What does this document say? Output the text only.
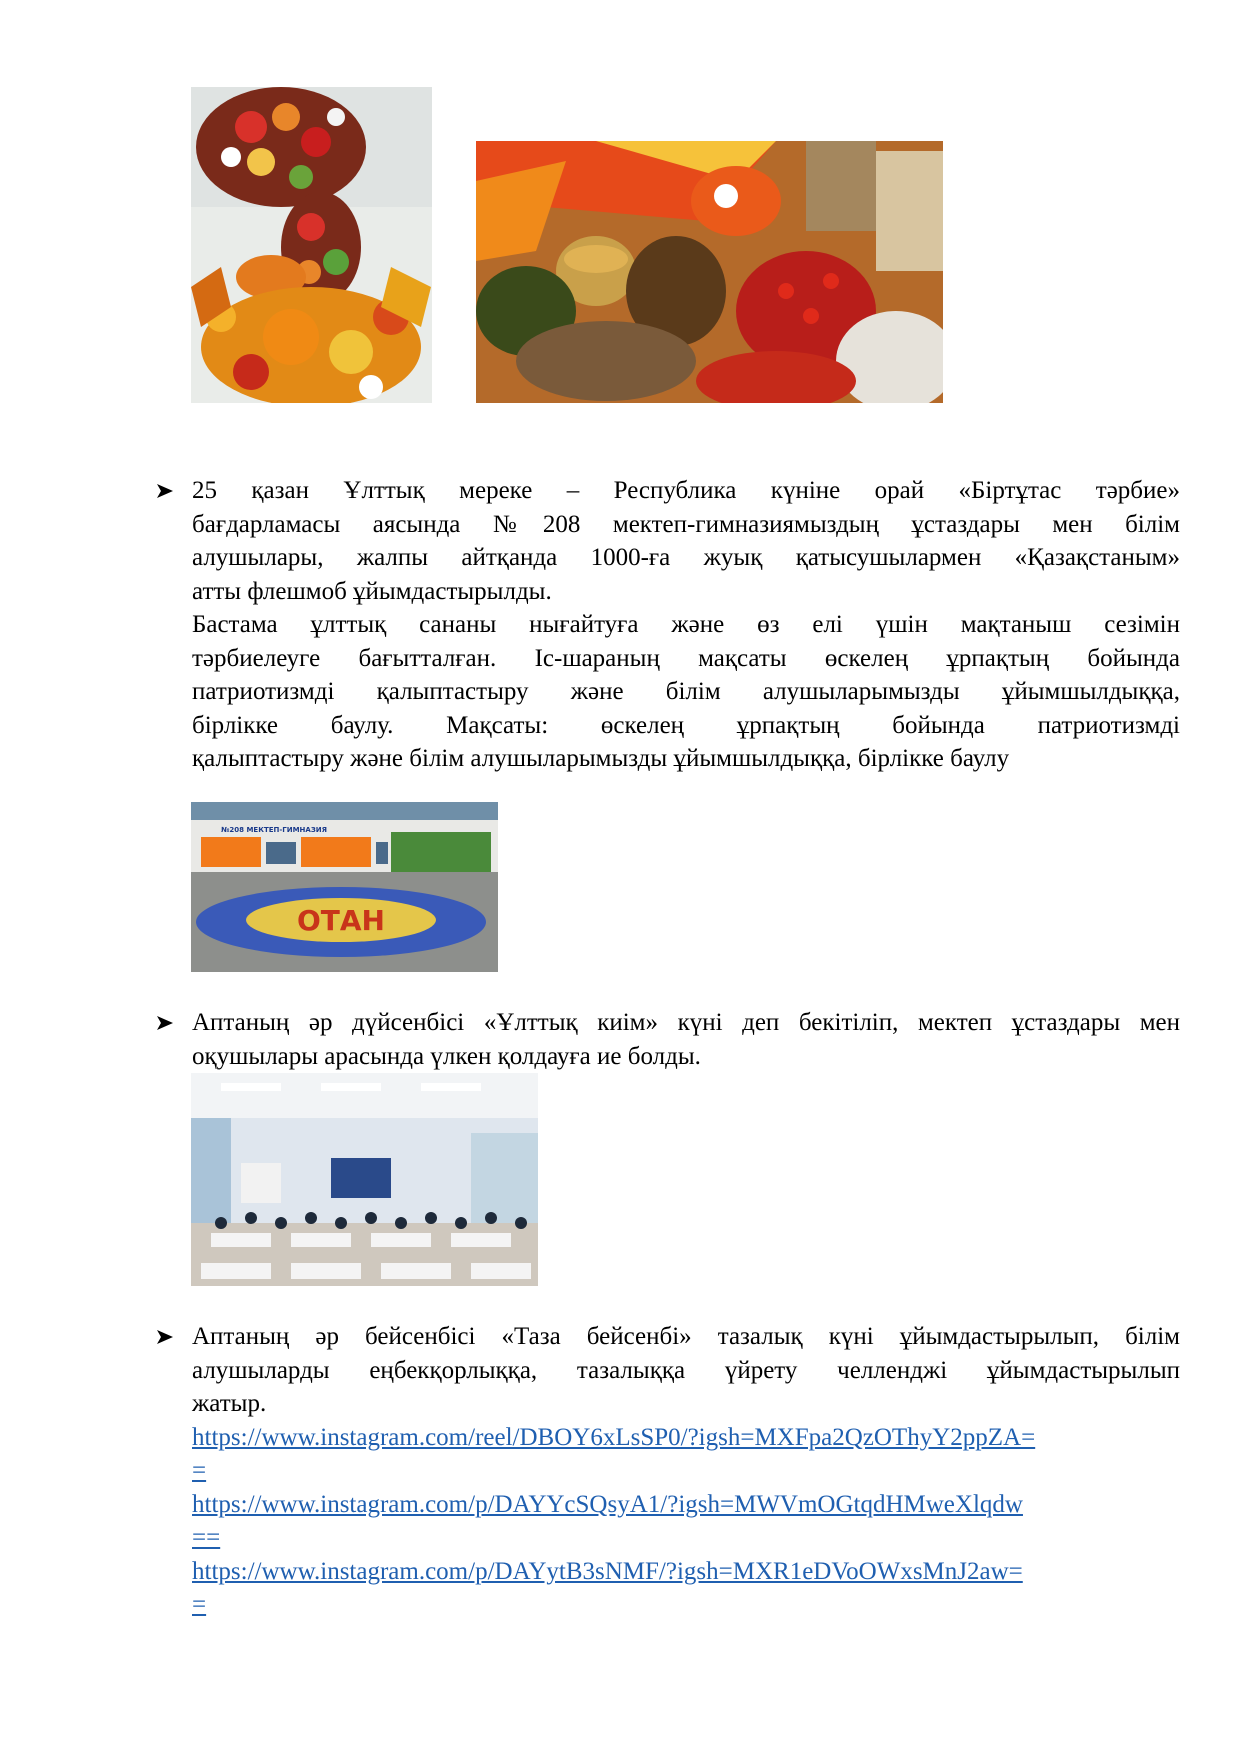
25 қазан Ұлттық мереке – Республика күніне орай «Біртұтас тәрбие»
бағдарламасы аясында №208 мектеп-гимназиямыздың ұстаздары мен білім
алушылары, жалпы айтқанда 1000-ға жуық қатысушылармен «Қазақстаным»
атты флешмоб ұйымдастырылды.
Бастама ұлттық сананы нығайтуға және өз елі үшін мақтаныш сезімін
тәрбиелеуге бағытталған. Іс-шараның мақсаты өскелең ұрпақтың бойында
патриотизмді қалыптастыру және білім алушыларымызды ұйымшылдыққа,
бірлікке баулу. Мақсаты: өскелең ұрпақтың бойында патриотизмді
қалыптастыру және білім алушыларымызды ұйымшылдыққа, бірлікке баулу
№208 МЕКТЕП-ГИМНАЗИЯ
ОТАН
Аптаның әр дүйсенбісі «Ұлттық киім» күні деп бекітіліп, мектеп ұстаздары мен
оқушылары арасында үлкен қолдауға ие болды.
Аптаның әр бейсенбісі «Таза бейсенбі» тазалық күні ұйымдастырылып, білім
алушыларды еңбекқорлыққа, тазалыққа үйрету челленджі ұйымдастырылып
жатыр.
https://www.instagram.com/reel/DBOY6xLsSP0/?igsh=MXFpa2QzOThyY2ppZA=
=
https://www.instagram.com/p/DAYYcSQsyA1/?igsh=MWVmOGtqdHMweXlqdw
==
https://www.instagram.com/p/DAYytB3sNMF/?igsh=MXR1eDVoOWxsMnJ2aw=
=
